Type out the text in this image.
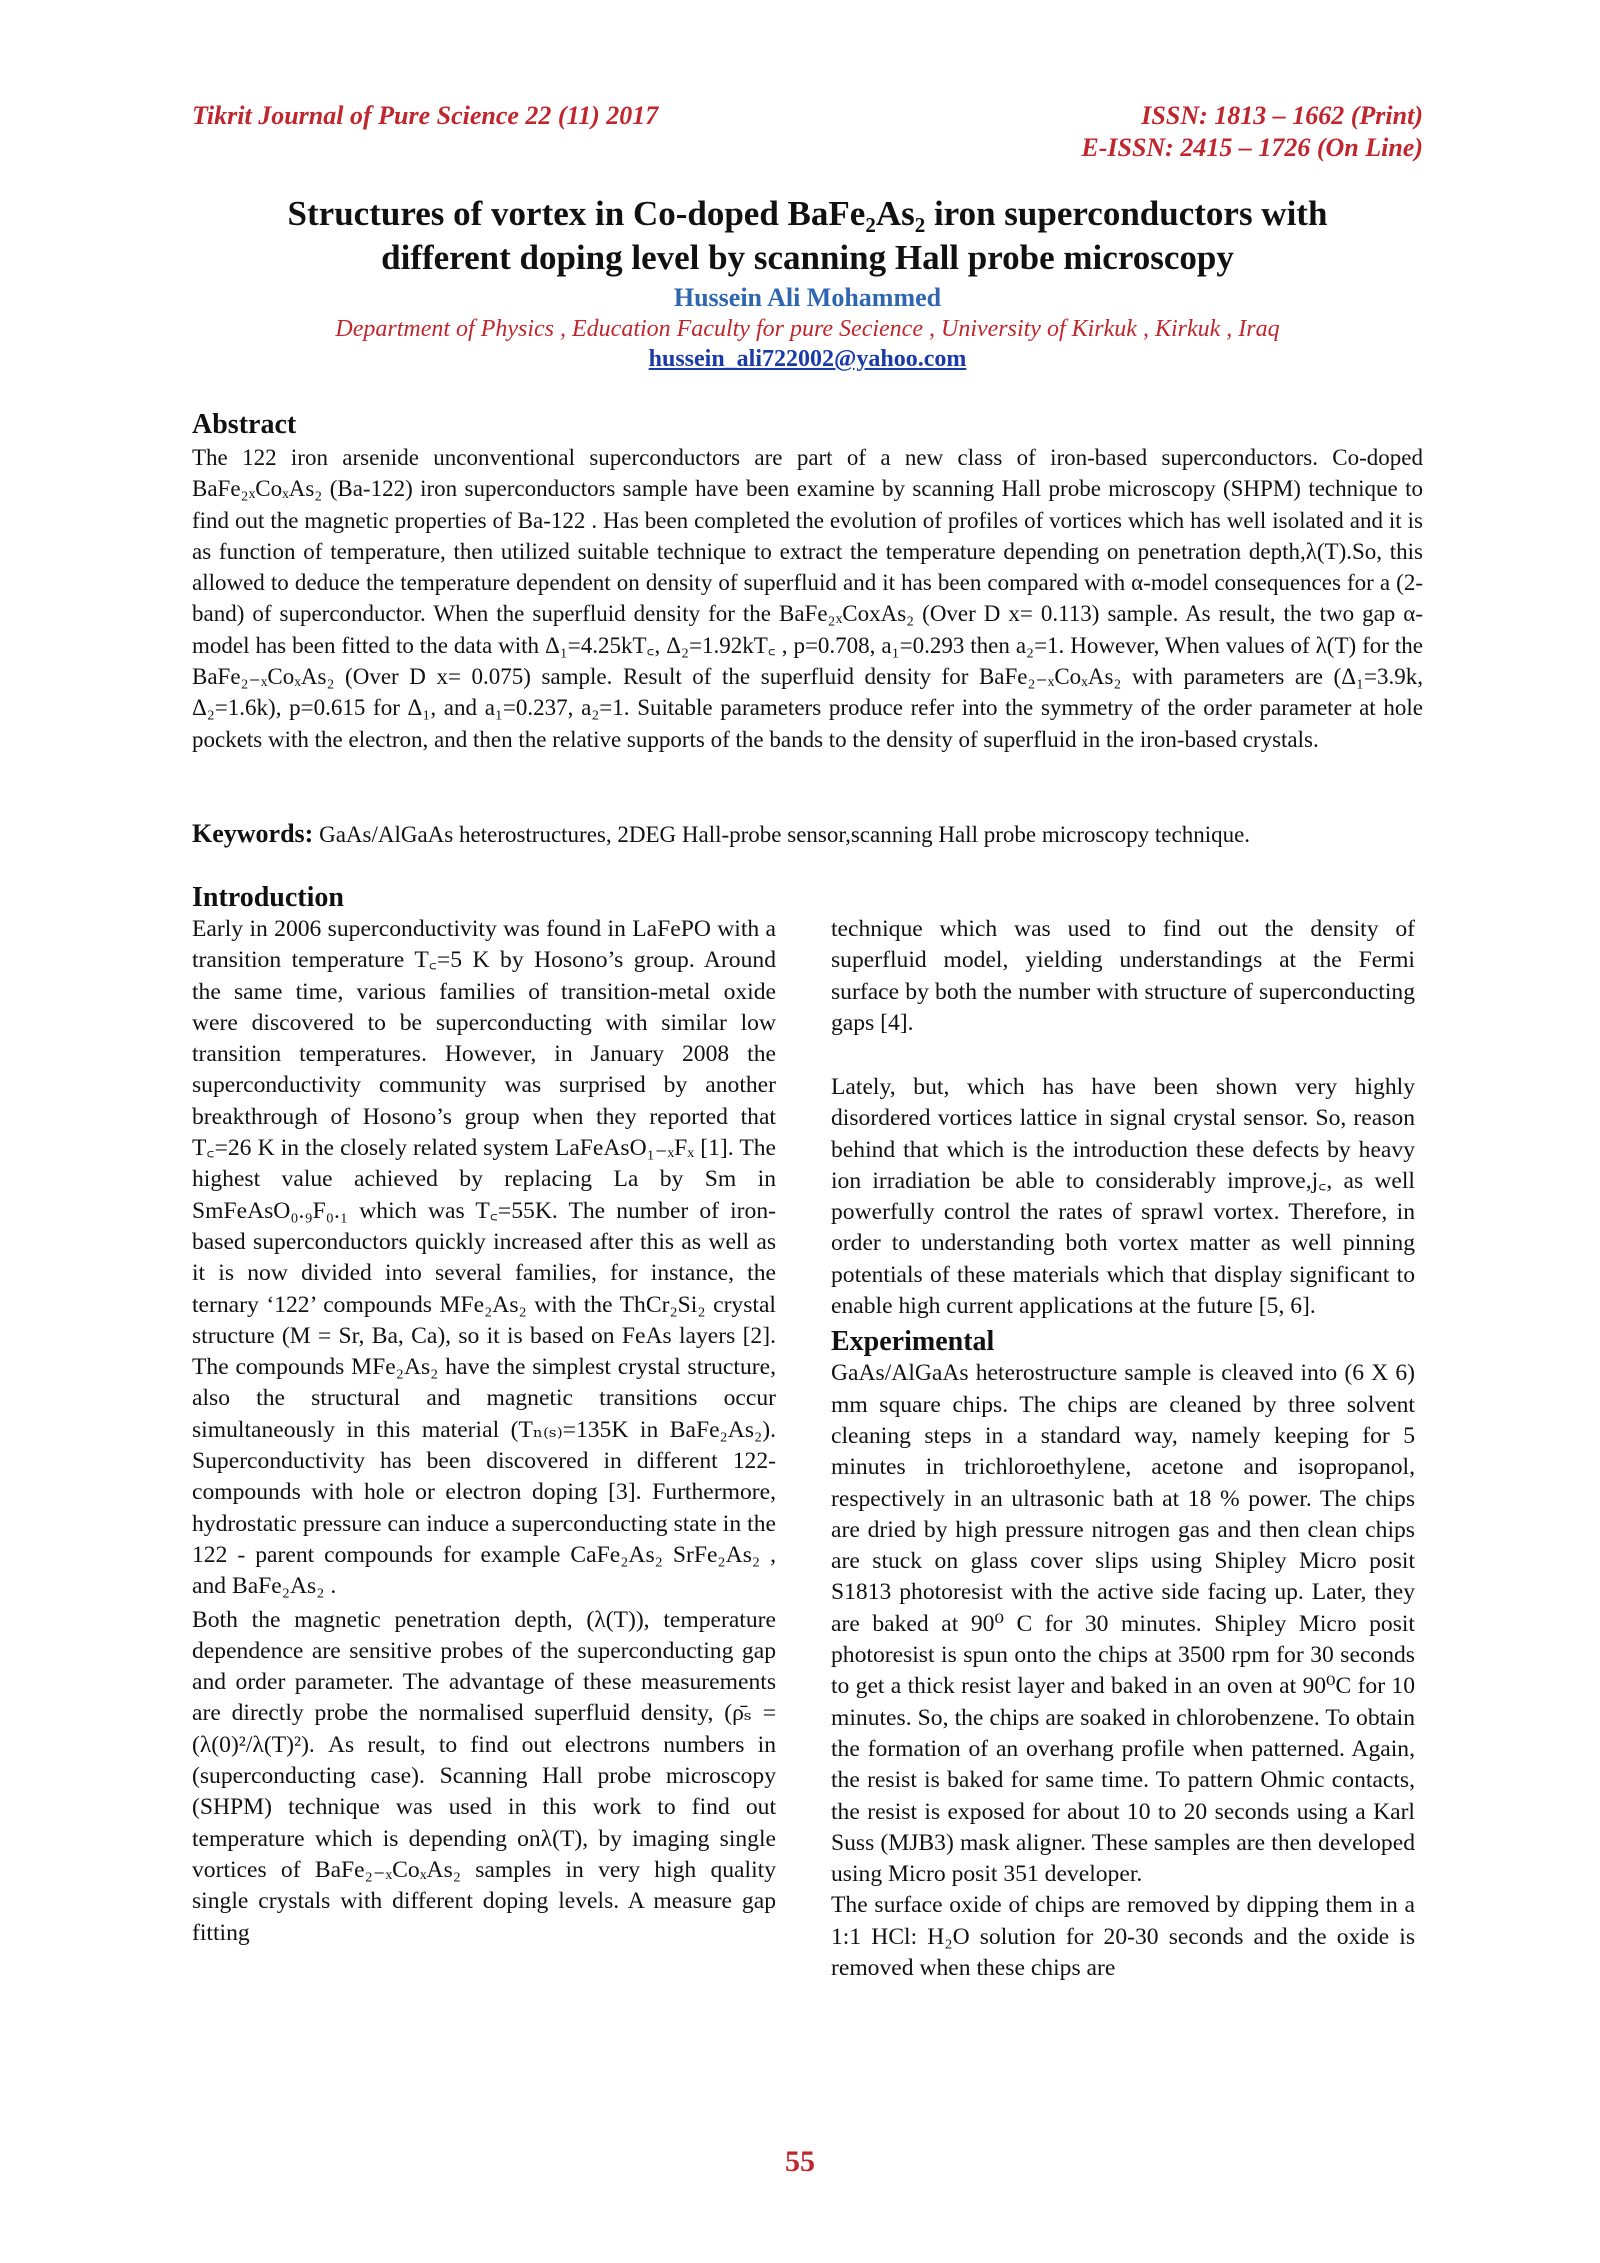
Tikrit Journal of Pure Science 22 (11) 2017	ISSN: 1813 – 1662 (Print)
E-ISSN: 2415 – 1726 (On Line)
Structures of vortex in Co-doped BaFe₂As₂ iron superconductors with
different doping level by scanning Hall probe microscopy
Hussein Ali Mohammed
Department of Physics , Education Faculty for pure Secience , University of Kirkuk , Kirkuk , Iraq
hussein_ali722002@yahoo.com
Abstract

The 122 iron arsenide unconventional superconductors are part of a new class of iron-based superconductors. Co-doped BaFe₂ₓCoₓAs₂ (Ba-122) iron superconductors sample have been examine by scanning Hall probe microscopy (SHPM) technique to find out the magnetic properties of Ba-122 . Has been completed the evolution of profiles of vortices which has well isolated and it is as function of temperature, then utilized suitable technique to extract the temperature depending on penetration depth,λ(T).So, this allowed to deduce the temperature dependent on density of superfluid and it has been compared with α-model consequences for a (2-band) of superconductor. When the superfluid density for the BaFe₂ₓCoxAs₂ (Over D x= 0.113) sample. As result, the two gap α-model has been fitted to the data with Δ₁=4.25kT꜀, Δ₂=1.92kT꜀ , p=0.708, a₁=0.293 then a₂=1. However, When values of λ(T) for the BaFe₂₋ₓCoₓAs₂ (Over D x= 0.075) sample. Result of the superfluid density for BaFe₂₋ₓCoₓAs₂ with parameters are (Δ₁=3.9k, Δ₂=1.6k), p=0.615 for Δ₁, and a₁=0.237, a₂=1. Suitable parameters produce refer into the symmetry of the order parameter at hole pockets with the electron, and then the relative supports of the bands to the density of superfluid in the iron-based crystals.

Keywords: GaAs/AlGaAs heterostructures, 2DEG Hall-probe sensor,scanning Hall probe microscopy technique.
Introduction

Early in 2006 superconductivity was found in LaFePO with a transition temperature T꜀=5 K by Hosono’s group. Around the same time, various families of transition-metal oxide were discovered to be superconducting with similar low transition temperatures. However, in January 2008 the superconductivity community was surprised by another breakthrough of Hosono’s group when they reported that T꜀=26 K in the closely related system LaFeAsO₁₋ₓFₓ [1]. The highest value achieved by replacing La by Sm in SmFeAsO₀.₉F₀.₁ which was T꜀=55K. The number of iron-based superconductors quickly increased after this as well as it is now divided into several families, for instance, the ternary ‘122’ compounds MFe₂As₂ with the ThCr₂Si₂ crystal structure (M = Sr, Ba, Ca), so it is based on FeAs layers [2]. The compounds MFe₂As₂ have the simplest crystal structure, also the structural and magnetic transitions occur simultaneously in this material (Tₙ₍ₛ₎=135K in BaFe₂As₂). Superconductivity has been discovered in different 122-compounds with hole or electron doping [3]. Furthermore, hydrostatic pressure can induce a superconducting state in the 122 - parent compounds for example CaFe₂As₂ SrFe₂As₂ , and BaFe₂As₂ .

Both the magnetic penetration depth, (λ(T)), temperature dependence are sensitive probes of the superconducting gap and order parameter. The advantage of these measurements are directly probe the normalised superfluid density, (ρ̄ₛ = (λ(0)²/λ(T)²). As result, to find out electrons numbers in (superconducting case). Scanning Hall probe microscopy (SHPM) technique was used in this work to find out temperature which is depending onλ(T), by imaging single vortices of BaFe₂₋ₓCoₓAs₂ samples in very high quality single crystals with different doping levels. A measure gap fitting

technique which was used to find out the density of superfluid model, yielding understandings at the Fermi surface by both the number with structure of superconducting gaps [4].

Lately, but, which has have been shown very highly disordered vortices lattice in signal crystal sensor. So, reason behind that which is the introduction these defects by heavy ion irradiation be able to considerably improve,j꜀, as well powerfully control the rates of sprawl vortex. Therefore, in order to understanding both vortex matter as well pinning potentials of these materials which that display significant to enable high current applications at the future [5, 6].

Experimental

GaAs/AlGaAs heterostructure sample is cleaved into (6 X 6) mm square chips. The chips are cleaned by three solvent cleaning steps in a standard way, namely keeping for 5 minutes in trichloroethylene, acetone and isopropanol, respectively in an ultrasonic bath at 18 % power. The chips are dried by high pressure nitrogen gas and then clean chips are stuck on glass cover slips using Shipley Micro posit S1813 photoresist with the active side facing up. Later, they are baked at 90⁰ C for 30 minutes. Shipley Micro posit photoresist is spun onto the chips at 3500 rpm for 30 seconds to get a thick resist layer and baked in an oven at 90⁰C for 10 minutes. So, the chips are soaked in chlorobenzene. To obtain the formation of an overhang profile when patterned. Again, the resist is baked for same time. To pattern Ohmic contacts, the resist is exposed for about 10 to 20 seconds using a Karl Suss (MJB3) mask aligner. These samples are then developed using Micro posit 351 developer.

The surface oxide of chips are removed by dipping them in a 1:1 HCl: H₂O solution for 20-30 seconds and the oxide is removed when these chips are

55
